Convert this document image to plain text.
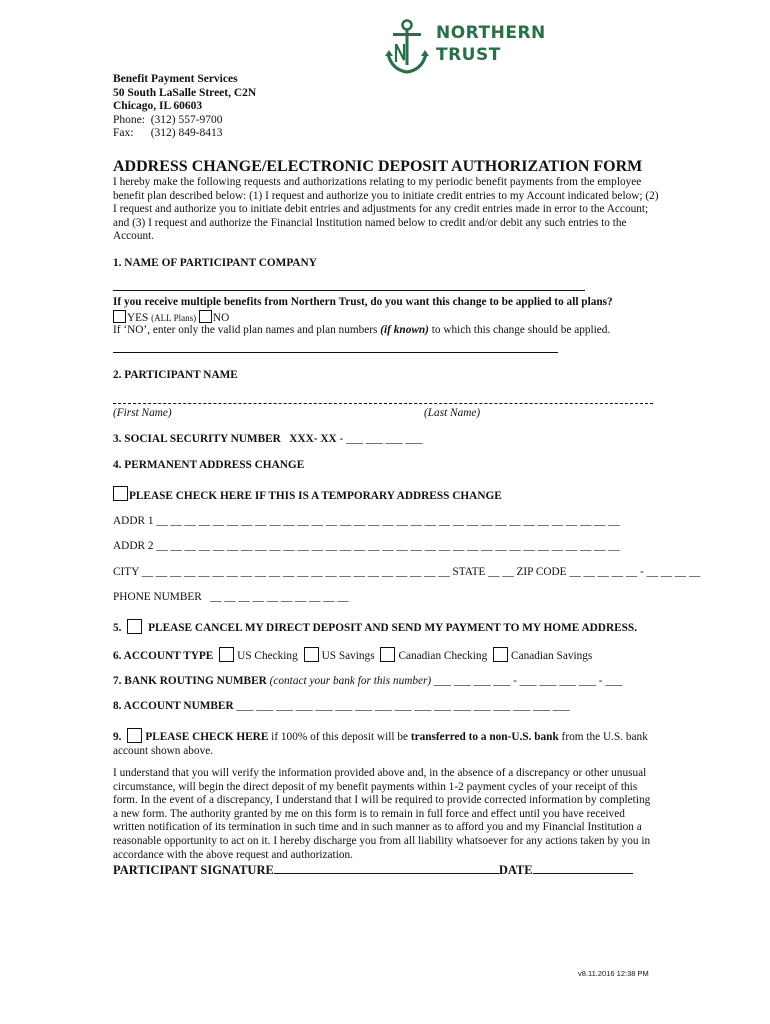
NORTHERN
TRUST
Benefit Payment Services
50 South LaSalle Street, C2N
Chicago, IL 60603
Phone:  (312) 557-9700
Fax:      (312) 849-8413
ADDRESS CHANGE/ELECTRONIC DEPOSIT AUTHORIZATION FORM
I hereby make the following requests and authorizations relating to my periodic benefit payments from the employee benefit plan described below: (1) I request and authorize you to initiate credit entries to my Account indicated below; (2) I request and authorize you to initiate debit entries and adjustments for any credit entries made in error to the Account; and (3) I request and authorize the Financial Institution named below to credit and/or debit any such entries to the Account.
1. NAME OF PARTICIPANT COMPANY
If you receive multiple benefits from Northern Trust, do you want this change to be applied to all plans?
YES (ALL Plans) NO
If ‘NO’, enter only the valid plan names and plan numbers (if known) to which this change should be applied.
2. PARTICIPANT NAME
(First Name)	(Last Name)
3. SOCIAL SECURITY NUMBER   XXX- XX - ___ ___ ___ ___
4. PERMANENT ADDRESS CHANGE
PLEASE CHECK HERE IF THIS IS A TEMPORARY ADDRESS CHANGE
ADDR 1 __ __ __ __ __ __ __ __ __ __ __ __ __ __ __ __ __ __ __ __ __ __ __ __ __ __ __ __ __ __ __ __ __
ADDR 2 __ __ __ __ __ __ __ __ __ __ __ __ __ __ __ __ __ __ __ __ __ __ __ __ __ __ __ __ __ __ __ __ __
CITY __ __ __ __ __ __ __ __ __ __ __ __ __ __ __ __ __ __ __ __ __ __ STATE __ __ ZIP CODE __ __ __ __ __ - __ __ __ __
PHONE NUMBER   __ __ __ __ __ __ __ __ __ __
5. PLEASE CANCEL MY DIRECT DEPOSIT AND SEND MY PAYMENT TO MY HOME ADDRESS.
6. ACCOUNT TYPE US Checking US Savings Canadian Checking Canadian Savings
7. BANK ROUTING NUMBER (contact your bank for this number) ___ ___ ___ ___ - ___ ___ ___ ___ - ___
8. ACCOUNT NUMBER ___ ___ ___ ___ ___ ___ ___ ___ ___ ___ ___ ___ ___ ___ ___ ___ ___
9. PLEASE CHECK HERE if 100% of this deposit will be transferred to a non-U.S. bank from the U.S. bank account shown above.
I understand that you will verify the information provided above and, in the absence of a discrepancy or other unusual circumstance, will begin the direct deposit of my benefit payments within 1-2 payment cycles of your receipt of this form. In the event of a discrepancy, I understand that I will be required to provide corrected information by completing a new form. The authority granted by me on this form is to remain in full force and effect until you have received written notification of its termination in such time and in such manner as to afford you and my Financial Institution a reasonable opportunity to act on it. I hereby discharge you from all liability whatsoever for any actions taken by you in accordance with the above request and authorization.
PARTICIPANT SIGNATURE	DATE
v8.11.2016 12:38 PM
